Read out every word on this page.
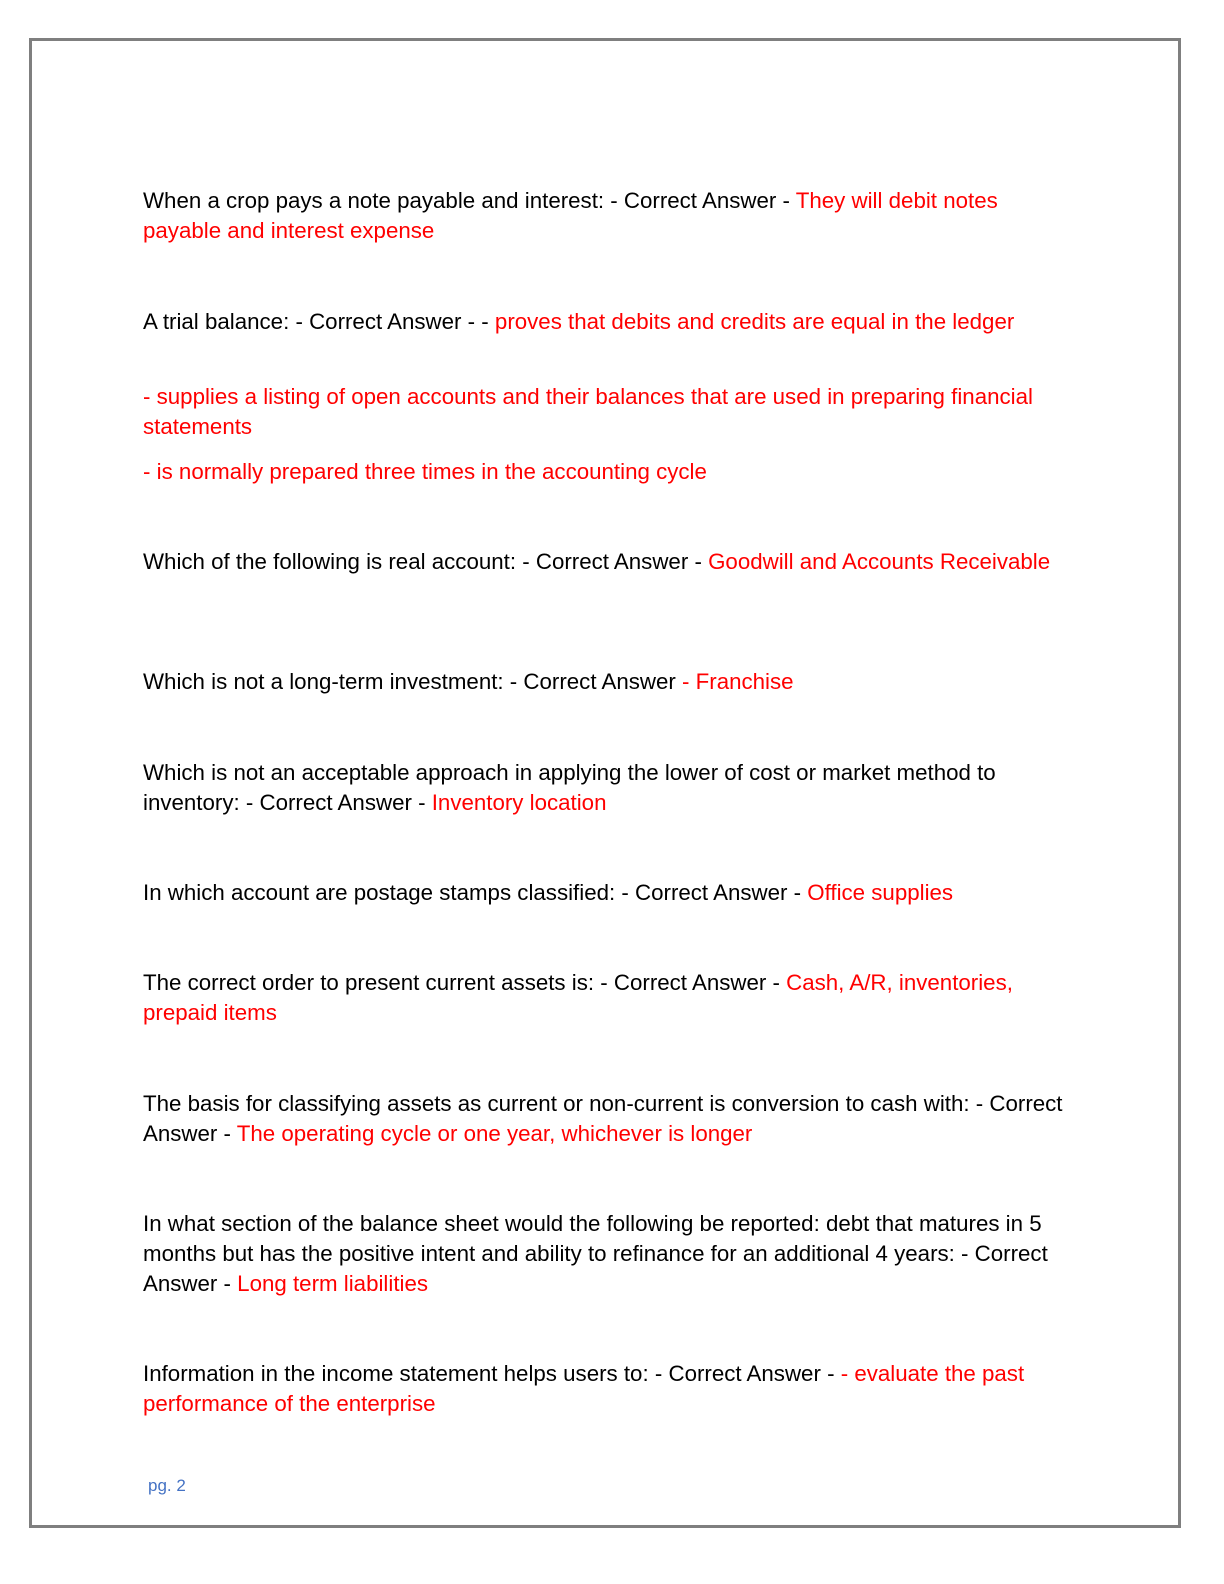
When a crop pays a note payable and interest: - Correct Answer - They will debit notes payable and interest expense

A trial balance: - Correct Answer - - proves that debits and credits are equal in the ledger

- supplies a listing of open accounts and their balances that are used in preparing financial statements

- is normally prepared three times in the accounting cycle

Which of the following is real account: - Correct Answer - Goodwill and Accounts Receivable

Which is not a long-term investment: - Correct Answer - Franchise

Which is not an acceptable approach in applying the lower of cost or market method to inventory: - Correct Answer - Inventory location

In which account are postage stamps classified: - Correct Answer - Office supplies

The correct order to present current assets is: - Correct Answer - Cash, A/R, inventories, prepaid items

The basis for classifying assets as current or non-current is conversion to cash with: - Correct Answer - The operating cycle or one year, whichever is longer

In what section of the balance sheet would the following be reported: debt that matures in 5 months but has the positive intent and ability to refinance for an additional 4 years: - Correct Answer - Long term liabilities

Information in the income statement helps users to: - Correct Answer - - evaluate the past performance of the enterprise

pg. 2
